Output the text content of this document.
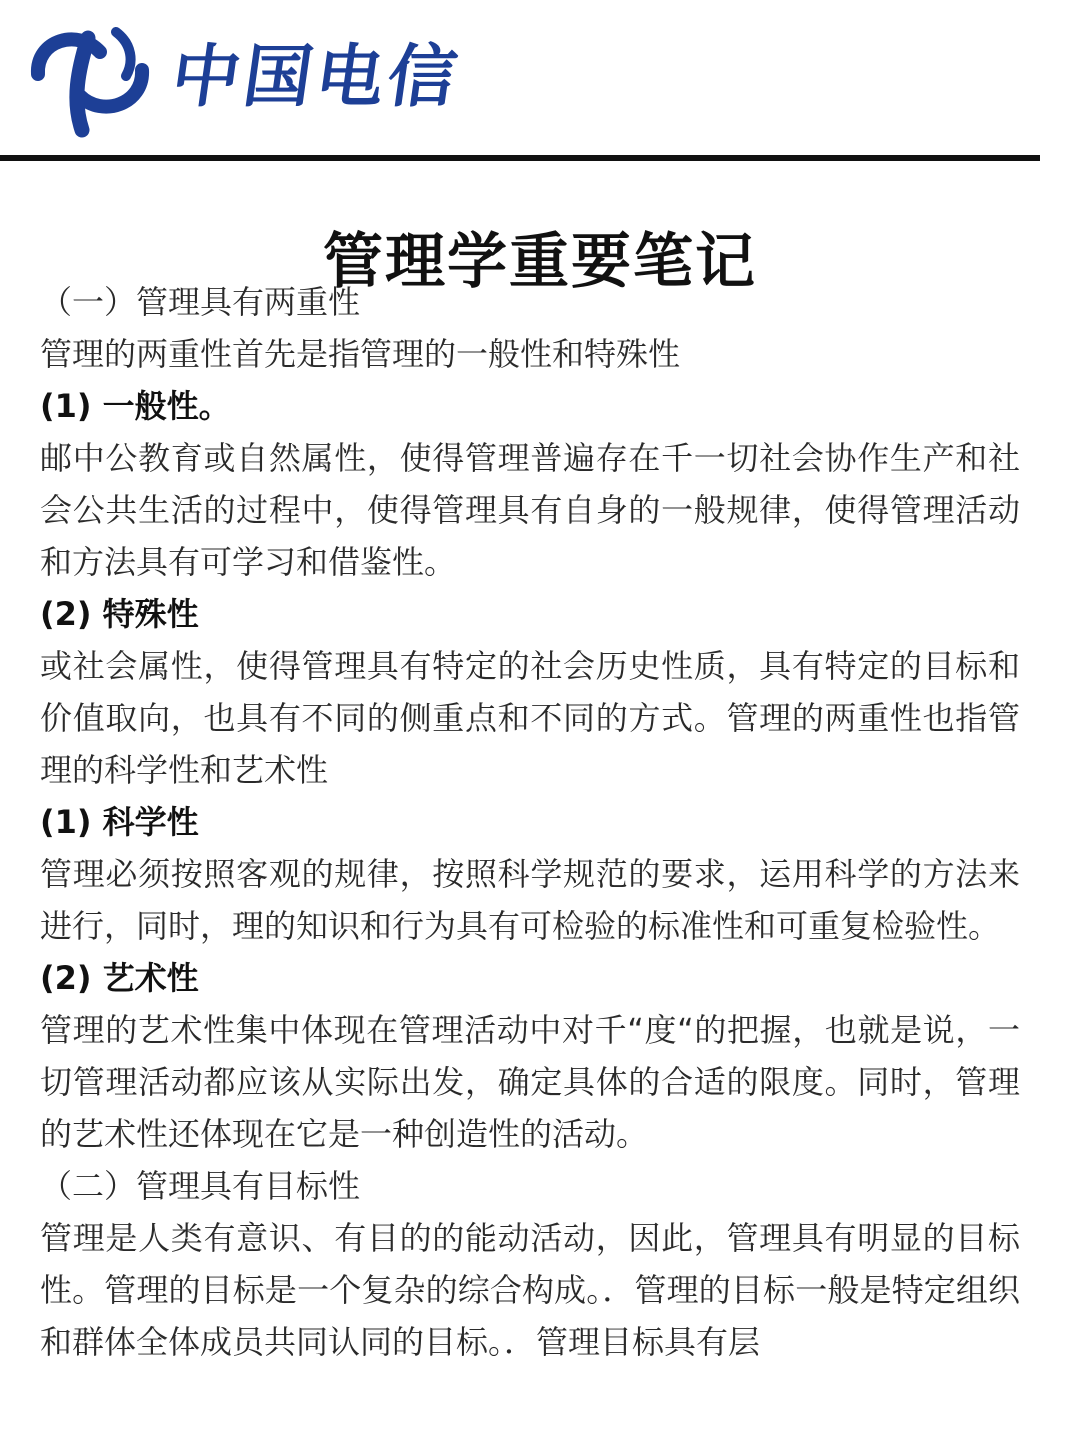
中国电信
管理学重要笔记

（一）管理具有两重性

管理的两重性首先是指管理的一般性和特殊性

(1) 一般性。

邮中公教育或自然属性，使得管理普遍存在千一切社会协作生产和社会公共生活的过程中，使得管理具有自身的一般规律，使得管理活动和方法具有可学习和借鉴性。

(2) 特殊性

或社会属性，使得管理具有特定的社会历史性质，具有特定的目标和价值取向，也具有不同的侧重点和不同的方式。管理的两重性也指管理的科学性和艺术性

(1) 科学性

管理必须按照客观的规律，按照科学规范的要求，运用科学的方法来进行，同时，理的知识和行为具有可检验的标准性和可重复检验性。

(2) 艺术性

管理的艺术性集中体现在管理活动中对千“度“的把握，也就是说，一切管理活动都应该从实际出发，确定具体的合适的限度。同时，管理的艺术性还体现在它是一种创造性的活动。

（二）管理具有目标性

管理是人类有意识、有目的的能动活动，因此，管理具有明显的目标性。管理的目标是一个复杂的综合构成。．管理的目标一般是特定组织和群体全体成员共同认同的目标。．管理目标具有层
